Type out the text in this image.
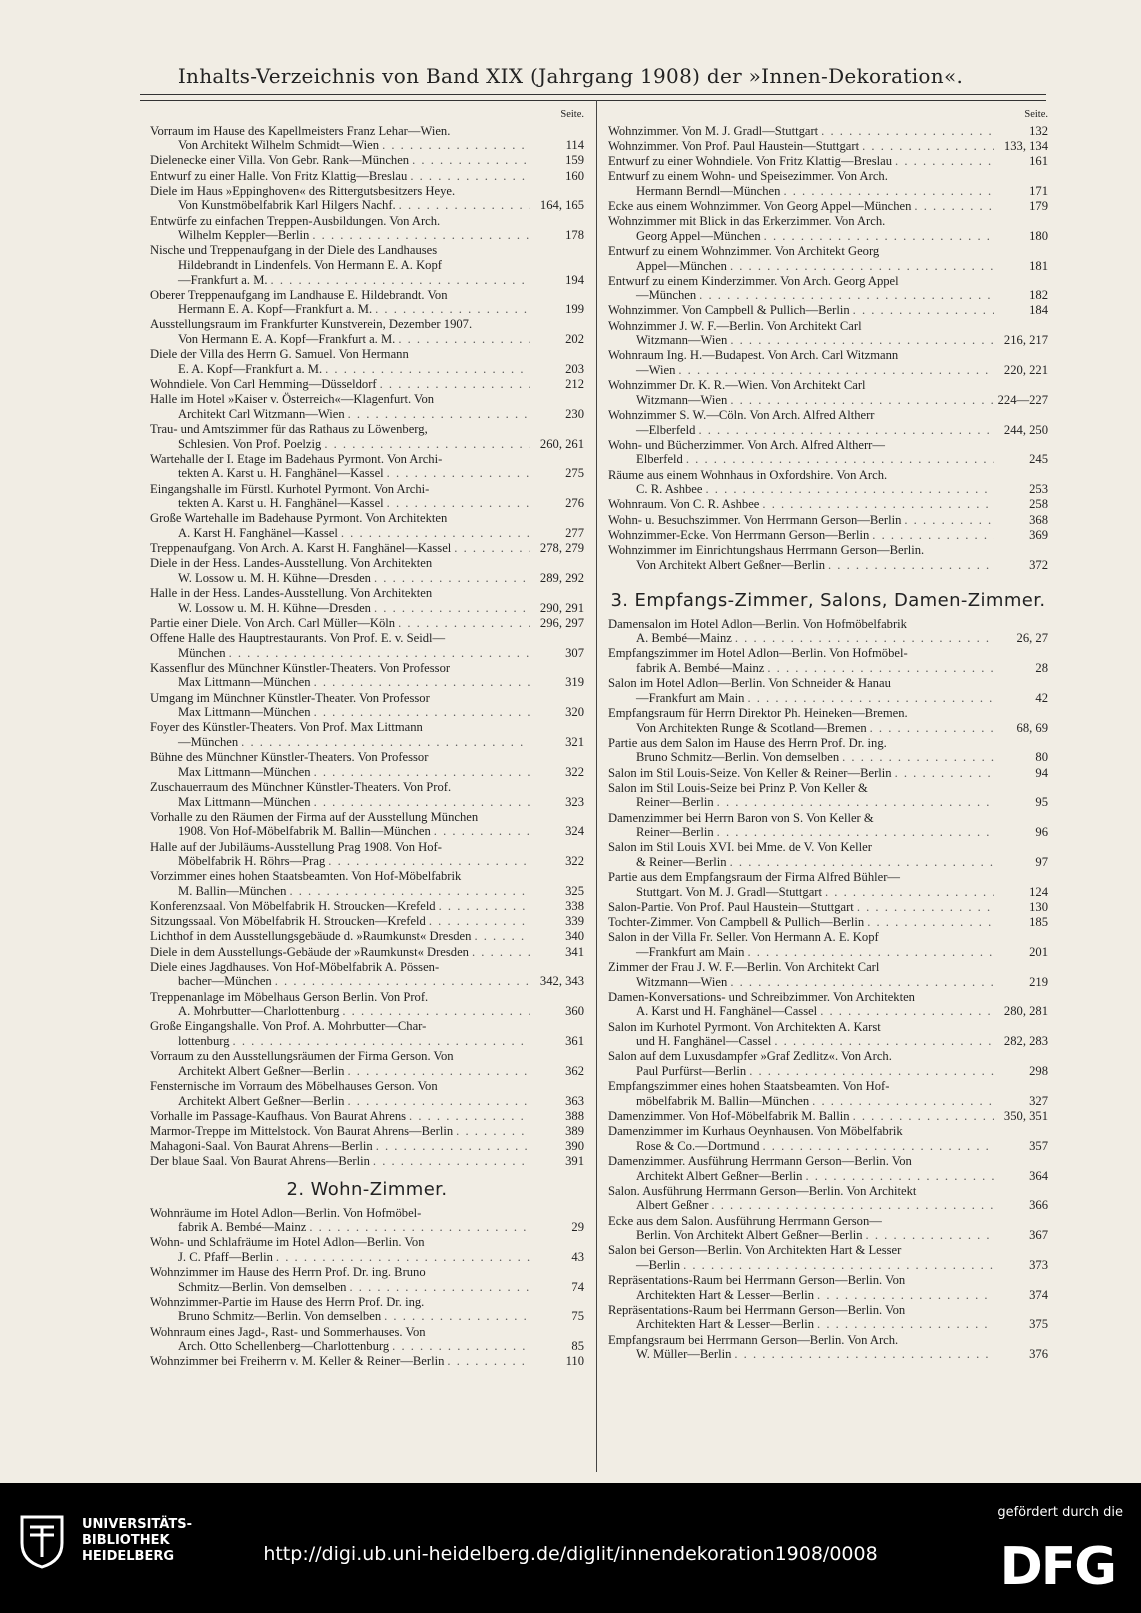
Inhalts-Verzeichnis von Band XIX (Jahrgang 1908) der »Innen-Dekoration«.
Seite.
Vorraum im Hause des Kapellmeisters Franz Lehar—Wien.
Von Architekt Wilhelm Schmidt—Wien . . .	114
Dielenecke einer Villa. Von Gebr. Rank—München . . .	159
Entwurf zu einer Halle. Von Fritz Klattig—Breslau . . .	160
Diele im Haus »Eppinghoven« des Rittergutsbesitzers Heye.
Von Kunstmöbelfabrik Karl Hilgers Nachf. . . .	164, 165
Entwürfe zu einfachen Treppen-Ausbildungen. Von Arch.
Wilhelm Keppler—Berlin . . .	178
Nische und Treppenaufgang in der Diele des Landhauses
Hildebrandt in Lindenfels. Von Hermann E. A. Kopf
—Frankfurt a. M. . . .	194
Oberer Treppenaufgang im Landhause E. Hildebrandt. Von
Hermann E. A. Kopf—Frankfurt a. M. . . .	199
Ausstellungsraum im Frankfurter Kunstverein, Dezember 1907.
Von Hermann E. A. Kopf—Frankfurt a. M. . . .	202
Diele der Villa des Herrn G. Samuel. Von Hermann
E. A. Kopf—Frankfurt a. M. . . .	203
Wohndiele. Von Carl Hemming—Düsseldorf . . .	212
Halle im Hotel »Kaiser v. Österreich«—Klagenfurt. Von
Architekt Carl Witzmann—Wien . . .	230
Trau- und Amtszimmer für das Rathaus zu Löwenberg,
Schlesien. Von Prof. Poelzig . . .	260, 261
Wartehalle der I. Etage im Badehaus Pyrmont. Von Archi-
tekten A. Karst u. H. Fanghänel—Kassel . . .	275
Eingangshalle im Fürstl. Kurhotel Pyrmont. Von Archi-
tekten A. Karst u. H. Fanghänel—Kassel . . .	276
Große Wartehalle im Badehause Pyrmont. Von Architekten
A. Karst H. Fanghänel—Kassel . . .	277
Treppenaufgang. Von Arch. A. Karst H. Fanghänel—Kassel . . .	278, 279
Diele in der Hess. Landes-Ausstellung. Von Architekten
W. Lossow u. M. H. Kühne—Dresden . . .	289, 292
Halle in der Hess. Landes-Ausstellung. Von Architekten
W. Lossow u. M. H. Kühne—Dresden . . .	290, 291
Partie einer Diele. Von Arch. Carl Müller—Köln . . .	296, 297
Offene Halle des Hauptrestaurants. Von Prof. E. v. Seidl—
München . . .	307
Kassenflur des Münchner Künstler-Theaters. Von Professor
Max Littmann—München . . .	319
Umgang im Münchner Künstler-Theater. Von Professor
Max Littmann—München . . .	320
Foyer des Künstler-Theaters. Von Prof. Max Littmann
—München . . .	321
Bühne des Münchner Künstler-Theaters. Von Professor
Max Littmann—München . . .	322
Zuschauerraum des Münchner Künstler-Theaters. Von Prof.
Max Littmann—München . . .	323
Vorhalle zu den Räumen der Firma auf der Ausstellung München
1908. Von Hof-Möbelfabrik M. Ballin—München . . .	324
Halle auf der Jubiläums-Ausstellung Prag 1908. Von Hof-
Möbelfabrik H. Röhrs—Prag . . .	322
Vorzimmer eines hohen Staatsbeamten. Von Hof-Möbelfabrik
M. Ballin—München . . .	325
Konferenzsaal. Von Möbelfabrik H. Stroucken—Krefeld . . .	338
Sitzungssaal. Von Möbelfabrik H. Stroucken—Krefeld . . .	339
Lichthof in dem Ausstellungsgebäude d. »Raumkunst« Dresden . . .	340
Diele in dem Ausstellungs-Gebäude der »Raumkunst« Dresden . . .	341
Diele eines Jagdhauses. Von Hof-Möbelfabrik A. Pössen-
bacher—München . . .	342, 343
Treppenanlage im Möbelhaus Gerson Berlin. Von Prof.
A. Mohrbutter—Charlottenburg . . .	360
Große Eingangshalle. Von Prof. A. Mohrbutter—Char-
lottenburg . . .	361
Vorraum zu den Ausstellungsräumen der Firma Gerson. Von
Architekt Albert Geßner—Berlin . . .	362
Fensternische im Vorraum des Möbelhauses Gerson. Von
Architekt Albert Geßner—Berlin . . .	363
Vorhalle im Passage-Kaufhaus. Von Baurat Ahrens . . .	388
Marmor-Treppe im Mittelstock. Von Baurat Ahrens—Berlin . . .	389
Mahagoni-Saal. Von Baurat Ahrens—Berlin . . .	390
Der blaue Saal. Von Baurat Ahrens—Berlin . . .	391
2. Wohn-Zimmer.
Wohnräume im Hotel Adlon—Berlin. Von Hofmöbel-
fabrik A. Bembé—Mainz . . .	29
Wohn- und Schlafräume im Hotel Adlon—Berlin. Von
J. C. Pfaff—Berlin . . .	43
Wohnzimmer im Hause des Herrn Prof. Dr. ing. Bruno
Schmitz—Berlin. Von demselben . . .	74
Wohnzimmer-Partie im Hause des Herrn Prof. Dr. ing.
Bruno Schmitz—Berlin. Von demselben . . .	75
Wohnraum eines Jagd-, Rast- und Sommerhauses. Von
Arch. Otto Schellenberg—Charlottenburg . . .	85
Wohnzimmer bei Freiherrn v. M. Keller & Reiner—Berlin . . .	110
Seite.
Wohnzimmer. Von M. J. Gradl—Stuttgart . . .	132
Wohnzimmer. Von Prof. Paul Haustein—Stuttgart . . .	133, 134
Entwurf zu einer Wohndiele. Von Fritz Klattig—Breslau . . .	161
Entwurf zu einem Wohn- und Speisezimmer. Von Arch.
Hermann Berndl—München . . .	171
Ecke aus einem Wohnzimmer. Von Georg Appel—München . . .	179
Wohnzimmer mit Blick in das Erkerzimmer. Von Arch.
Georg Appel—München . . .	180
Entwurf zu einem Wohnzimmer. Von Architekt Georg
Appel—München . . .	181
Entwurf zu einem Kinderzimmer. Von Arch. Georg Appel
—München . . .	182
Wohnzimmer. Von Campbell & Pullich—Berlin . . .	184
Wohnzimmer J. W. F.—Berlin. Von Architekt Carl
Witzmann—Wien . . .	216, 217
Wohnraum Ing. H.—Budapest. Von Arch. Carl Witzmann
—Wien . . .	220, 221
Wohnzimmer Dr. K. R.—Wien. Von Architekt Carl
Witzmann—Wien . . .	224—227
Wohnzimmer S. W.—Cöln. Von Arch. Alfred Altherr
—Elberfeld . . .	244, 250
Wohn- und Bücherzimmer. Von Arch. Alfred Altherr—
Elberfeld . . .	245
Räume aus einem Wohnhaus in Oxfordshire. Von Arch.
C. R. Ashbee . . .	253
Wohnraum. Von C. R. Ashbee . . .	258
Wohn- u. Besuchszimmer. Von Herrmann Gerson—Berlin . . .	368
Wohnzimmer-Ecke. Von Herrmann Gerson—Berlin . . .	369
Wohnzimmer im Einrichtungshaus Herrmann Gerson—Berlin.
Von Architekt Albert Geßner—Berlin . . .	372
3. Empfangs-Zimmer, Salons, Damen-Zimmer.
Damensalon im Hotel Adlon—Berlin. Von Hofmöbelfabrik
A. Bembé—Mainz . . .	26, 27
Empfangszimmer im Hotel Adlon—Berlin. Von Hofmöbel-
fabrik A. Bembé—Mainz . . .	28
Salon im Hotel Adlon—Berlin. Von Schneider & Hanau
—Frankfurt am Main . . .	42
Empfangsraum für Herrn Direktor Ph. Heineken—Bremen.
Von Architekten Runge & Scotland—Bremen . . .	68, 69
Partie aus dem Salon im Hause des Herrn Prof. Dr. ing.
Bruno Schmitz—Berlin. Von demselben . . .	80
Salon im Stil Louis-Seize. Von Keller & Reiner—Berlin . . .	94
Salon im Stil Louis-Seize bei Prinz P. Von Keller &
Reiner—Berlin . . .	95
Damenzimmer bei Herrn Baron von S. Von Keller &
Reiner—Berlin . . .	96
Salon im Stil Louis XVI. bei Mme. de V. Von Keller
& Reiner—Berlin . . .	97
Partie aus dem Empfangsraum der Firma Alfred Bühler—
Stuttgart. Von M. J. Gradl—Stuttgart . . .	124
Salon-Partie. Von Prof. Paul Haustein—Stuttgart . . .	130
Tochter-Zimmer. Von Campbell & Pullich—Berlin . . .	185
Salon in der Villa Fr. Seller. Von Hermann A. E. Kopf
—Frankfurt am Main . . .	201
Zimmer der Frau J. W. F.—Berlin. Von Architekt Carl
Witzmann—Wien . . .	219
Damen-Konversations- und Schreibzimmer. Von Architekten
A. Karst und H. Fanghänel—Cassel . . .	280, 281
Salon im Kurhotel Pyrmont. Von Architekten A. Karst
und H. Fanghänel—Cassel . . .	282, 283
Salon auf dem Luxusdampfer »Graf Zedlitz«. Von Arch.
Paul Purfürst—Berlin . . .	298
Empfangszimmer eines hohen Staatsbeamten. Von Hof-
möbelfabrik M. Ballin—München . . .	327
Damenzimmer. Von Hof-Möbelfabrik M. Ballin . . .	350, 351
Damenzimmer im Kurhaus Oeynhausen. Von Möbelfabrik
Rose & Co.—Dortmund . . .	357
Damenzimmer. Ausführung Herrmann Gerson—Berlin. Von
Architekt Albert Geßner—Berlin . . .	364
Salon. Ausführung Herrmann Gerson—Berlin. Von Architekt
Albert Geßner . . .	366
Ecke aus dem Salon. Ausführung Herrmann Gerson—
Berlin. Von Architekt Albert Geßner—Berlin . . .	367
Salon bei Gerson—Berlin. Von Architekten Hart & Lesser
—Berlin . . .	373
Repräsentations-Raum bei Herrmann Gerson—Berlin. Von
Architekten Hart & Lesser—Berlin . . .	374
Repräsentations-Raum bei Herrmann Gerson—Berlin. Von
Architekten Hart & Lesser—Berlin . . .	375
Empfangsraum bei Herrmann Gerson—Berlin. Von Arch.
W. Müller—Berlin . . .	376
UNIVERSITÄTS-
BIBLIOTHEK
HEIDELBERG	http://digi.ub.uni-heidelberg.de/diglit/innendekoration1908/0008
gefördert durch die
DFG
